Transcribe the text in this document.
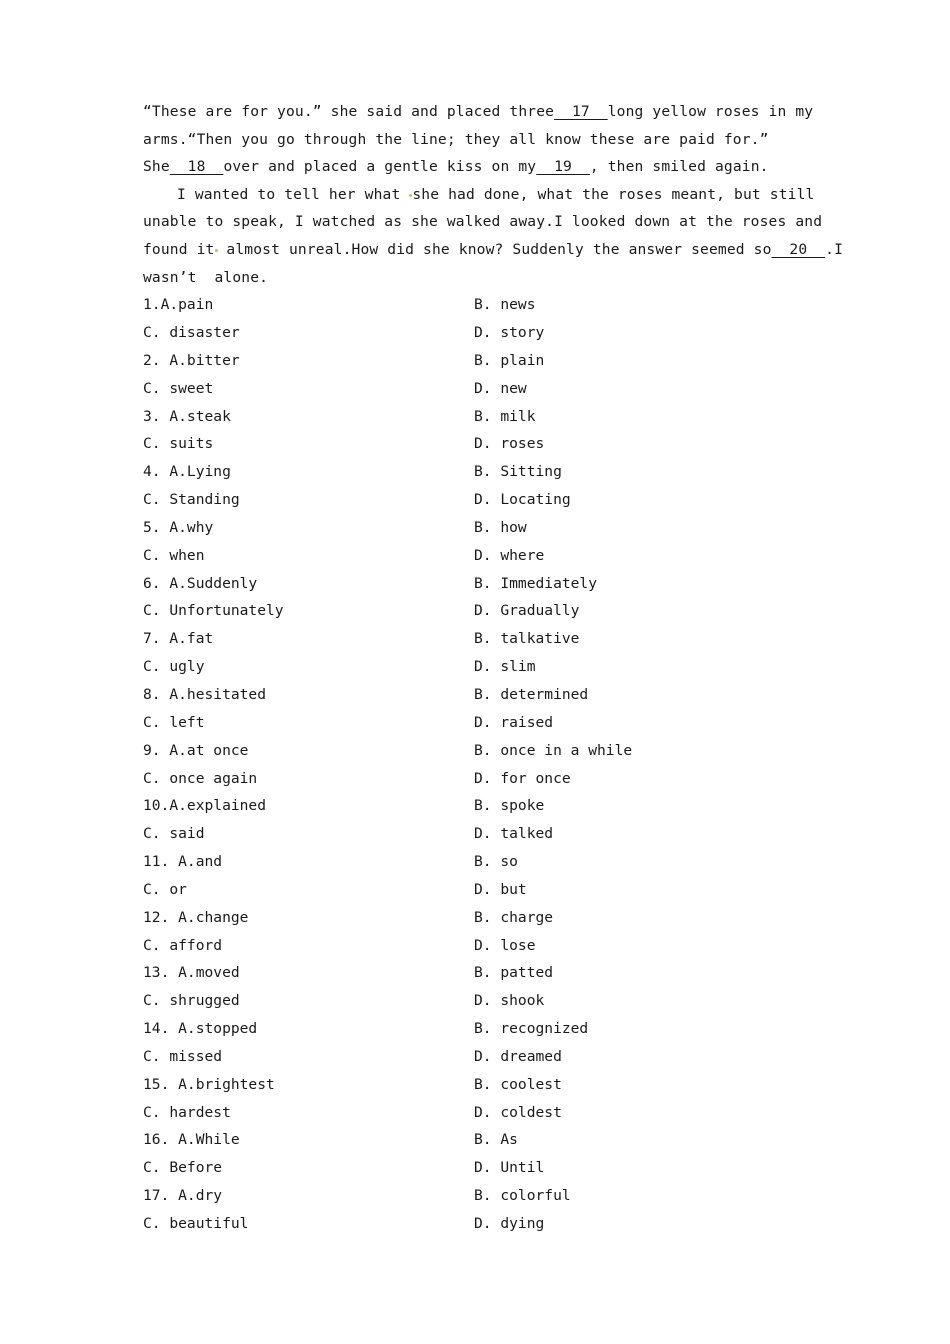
“These are for you.” she said and placed three  17  long yellow roses in my
arms.“Then you go through the line; they all know these are paid for.”
She  18  over and placed a gentle kiss on my  19  , then smiled again.
I wanted to tell her what she had done, what the roses meant, but still
unable to speak, I watched as she walked away.I looked down at the roses and
found it almost unreal.How did she know? Suddenly the answer seemed so  20  .I
wasn’t  alone.
1.A.pain	B. news
C. disaster	D. story
2. A.bitter	B. plain
C. sweet	D. new
3. A.steak	B. milk
C. suits	D. roses
4. A.Lying	B. Sitting
C. Standing	D. Locating
5. A.why	B. how
C. when	D. where
6. A.Suddenly	B. Immediately
C. Unfortunately	D. Gradually
7. A.fat	B. talkative
C. ugly	D. slim
8. A.hesitated	B. determined
C. left	D. raised
9. A.at once	B. once in a while
C. once again	D. for once
10.A.explained	B. spoke
C. said	D. talked
11. A.and	B. so
C. or	D. but
12. A.change	B. charge
C. afford	D. lose
13. A.moved	B. patted
C. shrugged	D. shook
14. A.stopped	B. recognized
C. missed	D. dreamed
15. A.brightest	B. coolest
C. hardest	D. coldest
16. A.While	B. As
C. Before	D. Until
17. A.dry	B. colorful
C. beautiful	D. dying
